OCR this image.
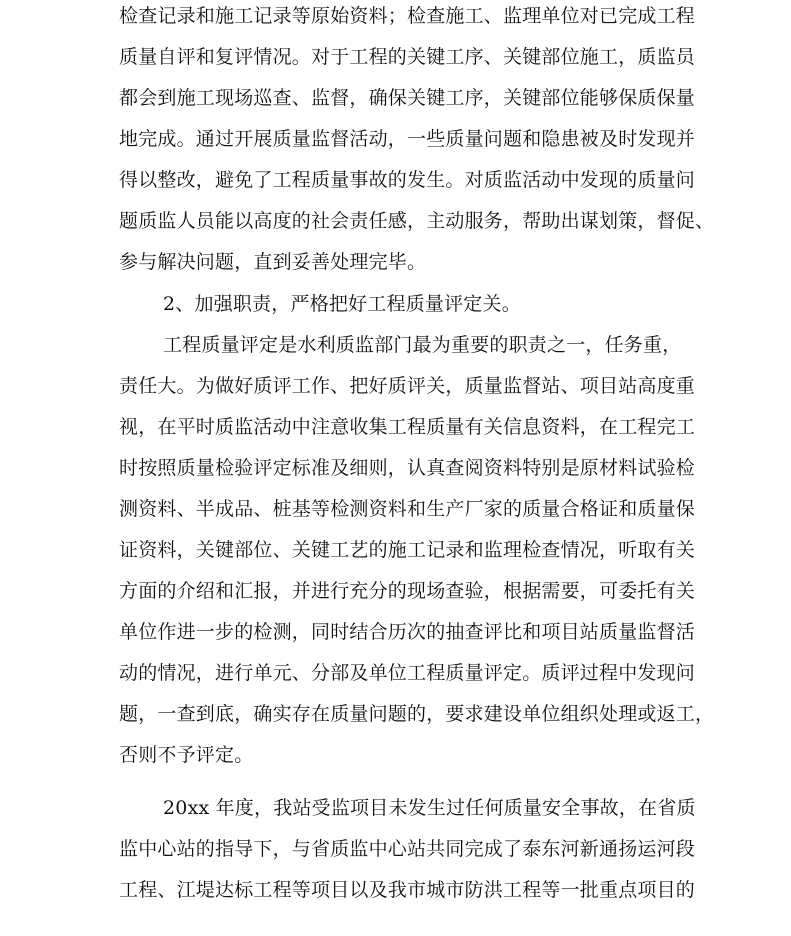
检查记录和施工记录等原始资料；检查施工、监理单位对已完成工程
质量自评和复评情况。对于工程的关键工序、关键部位施工，质监员
都会到施工现场巡查、监督，确保关键工序，关键部位能够保质保量
地完成。通过开展质量监督活动，一些质量问题和隐患被及时发现并
得以整改，避免了工程质量事故的发生。对质监活动中发现的质量问
题质监人员能以高度的社会责任感，主动服务，帮助出谋划策，督促、
参与解决问题，直到妥善处理完毕。
2、加强职责，严格把好工程质量评定关。
工程质量评定是水利质监部门最为重要的职责之一，任务重，
责任大。为做好质评工作、把好质评关，质量监督站、项目站高度重
视，在平时质监活动中注意收集工程质量有关信息资料，在工程完工
时按照质量检验评定标准及细则，认真查阅资料特别是原材料试验检
测资料、半成品、桩基等检测资料和生产厂家的质量合格证和质量保
证资料，关键部位、关键工艺的施工记录和监理检查情况，听取有关
方面的介绍和汇报，并进行充分的现场查验，根据需要，可委托有关
单位作进一步的检测，同时结合历次的抽查评比和项目站质量监督活
动的情况，进行单元、分部及单位工程质量评定。质评过程中发现问
题，一查到底，确实存在质量问题的，要求建设单位组织处理或返工，
否则不予评定。
20xx 年度，我站受监项目未发生过任何质量安全事故，在省质
监中心站的指导下，与省质监中心站共同完成了泰东河新通扬运河段
工程、江堤达标工程等项目以及我市城市防洪工程等一批重点项目的
